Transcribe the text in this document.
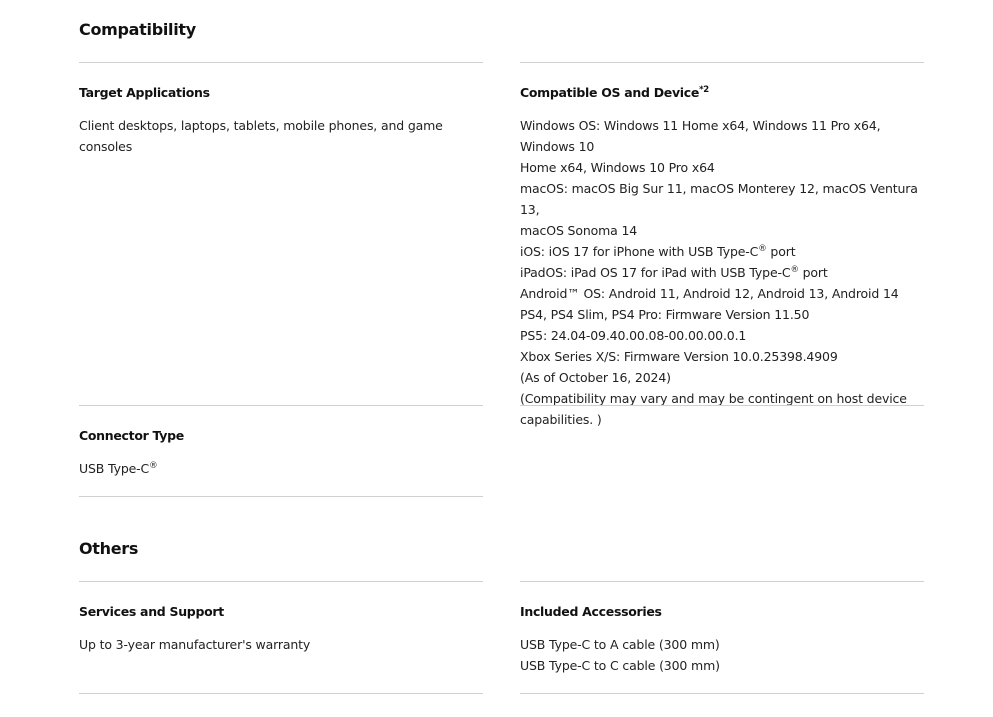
Compatibility

Target Applications

Client desktops, laptops, tablets, mobile phones, and game consoles

Compatible OS and Device$^{*2}$

Windows OS: Windows 11 Home x64, Windows 11 Pro x64, Windows 10
Home x64, Windows 10 Pro x64
macOS: macOS Big Sur 11, macOS Monterey 12, macOS Ventura 13,
macOS Sonoma 14
iOS: iOS 17 for iPhone with USB Type-C® port
iPadOS: iPad OS 17 for iPad with USB Type-C® port
Android™ OS: Android 11, Android 12, Android 13, Android 14
PS4, PS4 Slim, PS4 Pro: Firmware Version 11.50
PS5: 24.04-09.40.00.08-00.00.00.0.1
Xbox Series X/S: Firmware Version 10.0.25398.4909
(As of October 16, 2024)
(Compatibility may vary and may be contingent on host device
capabilities. )

Connector Type

USB Type-C®

Others

Services and Support

Up to 3-year manufacturer's warranty

Included Accessories

USB Type-C to A cable (300 mm)
USB Type-C to C cable (300 mm)
